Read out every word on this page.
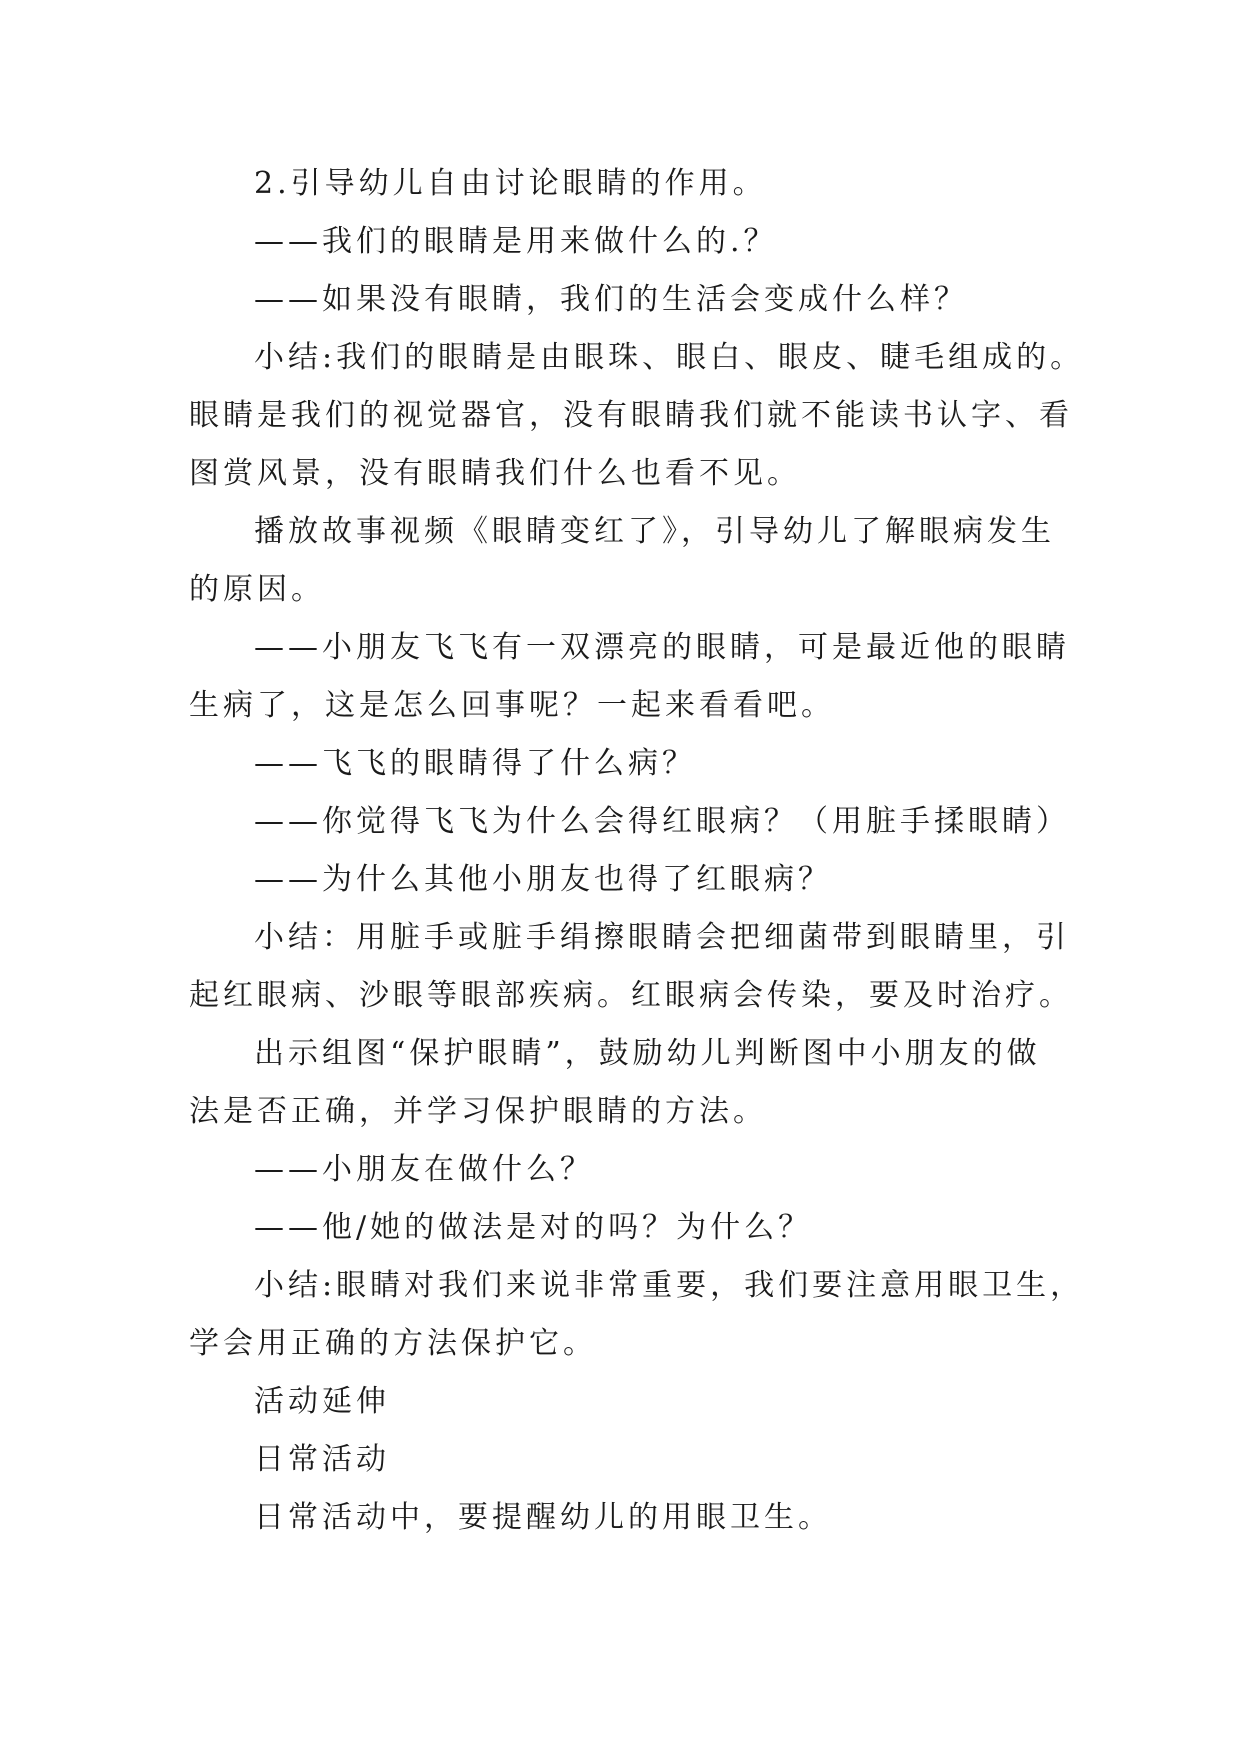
2.引导幼儿自由讨论眼睛的作用。
——我们的眼睛是用来做什么的.？
——如果没有眼睛，我们的生活会变成什么样？
小结:我们的眼睛是由眼珠、眼白、眼皮、睫毛组成的。
眼睛是我们的视觉器官，没有眼睛我们就不能读书认字、看
图赏风景，没有眼睛我们什么也看不见。
播放故事视频《眼睛变红了》，引导幼儿了解眼病发生
的原因。
——小朋友飞飞有一双漂亮的眼睛，可是最近他的眼睛
生病了，这是怎么回事呢？一起来看看吧。
——飞飞的眼睛得了什么病？
——你觉得飞飞为什么会得红眼病？（用脏手揉眼睛）
——为什么其他小朋友也得了红眼病？
小结：用脏手或脏手绢擦眼睛会把细菌带到眼睛里，引
起红眼病、沙眼等眼部疾病。红眼病会传染，要及时治疗。
出示组图“保护眼睛”，鼓励幼儿判断图中小朋友的做
法是否正确，并学习保护眼睛的方法。
——小朋友在做什么？
——他/她的做法是对的吗？为什么？
小结:眼睛对我们来说非常重要，我们要注意用眼卫生，
学会用正确的方法保护它。
活动延伸
日常活动
日常活动中，要提醒幼儿的用眼卫生。
